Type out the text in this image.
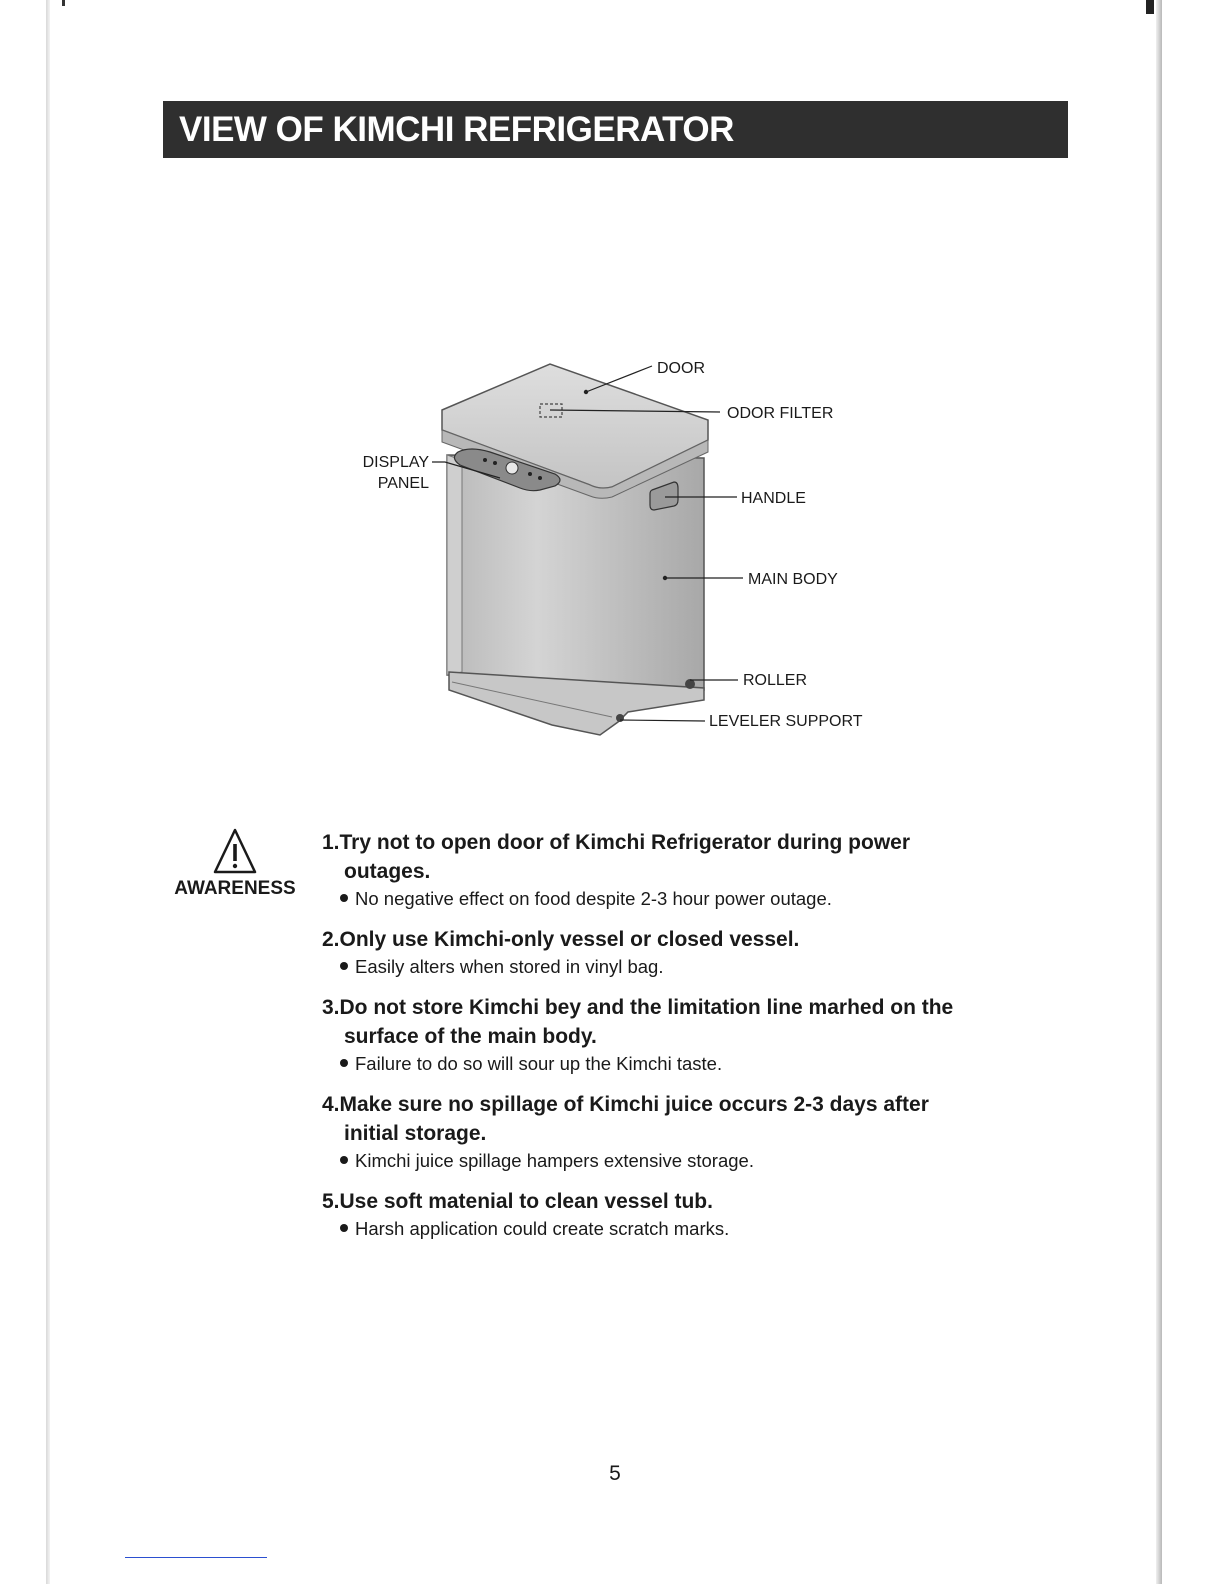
VIEW OF KIMCHI REFRIGERATOR
DOOR
ODOR FILTER
DISPLAY
PANEL
HANDLE
MAIN BODY
ROLLER
LEVELER SUPPORT
AWARENESS
1.Try not to open door of Kimchi Refrigerator during power
outages.
No negative effect on food despite 2-3 hour power outage.
2.Only use Kimchi-only vessel or closed vessel.
Easily alters when stored in vinyl bag.
3.Do not store Kimchi bey and the limitation line marhed on the
surface of the main body.
Failure to do so will sour up the Kimchi taste.
4.Make sure no spillage of Kimchi juice occurs 2-3 days after
initial storage.
Kimchi juice spillage hampers extensive storage.
5.Use soft matenial to clean vessel tub.
Harsh application could create scratch marks.
5
